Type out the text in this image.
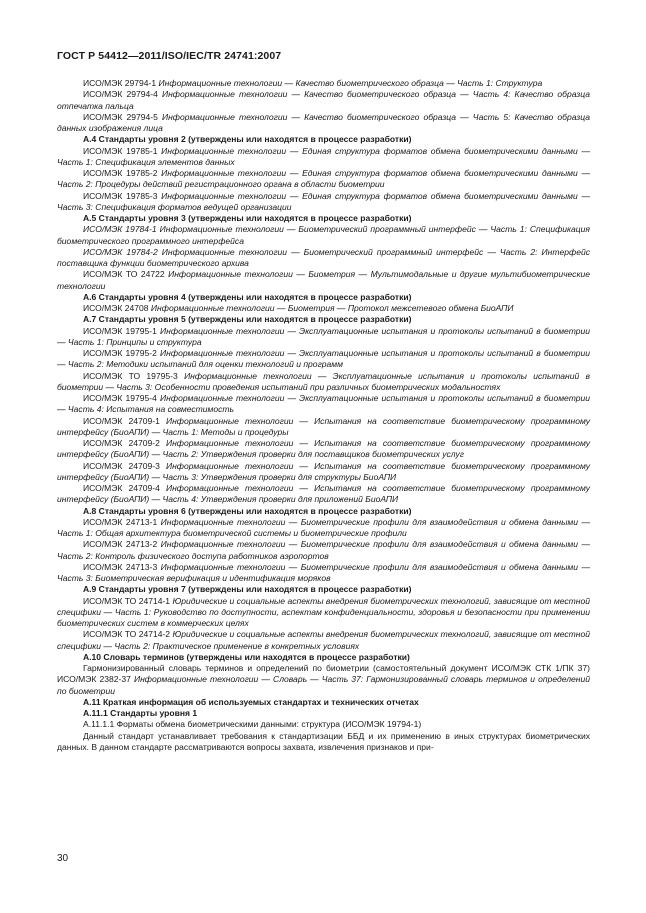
ГОСТ Р 54412—2011/ISO/IEC/TR 24741:2007

ИСО/МЭК 29794-1 Информационные технологии — Качество биометрического образца — Часть 1: Структура

ИСО/МЭК 29794-4 Информационные технологии — Качество биометрического образца — Часть 4: Качество образца отпечатка пальца

ИСО/МЭК 29794-5 Информационные технологии — Качество биометрического образца — Часть 5: Качество образца данных изображения лица

А.4 Стандарты уровня 2 (утверждены или находятся в процессе разработки)

ИСО/МЭК 19785-1 Информационные технологии — Единая структура форматов обмена биометрическими данными — Часть 1: Спецификация элементов данных

ИСО/МЭК 19785-2 Информационные технологии — Единая структура форматов обмена биометрическими данными — Часть 2: Процедуры действий регистрационного органа в области биометрии

ИСО/МЭК 19785-3 Информационные технологии — Единая структура форматов обмена биометрическими данными — Часть 3: Спецификация форматов ведущей организации

А.5 Стандарты уровня 3 (утверждены или находятся в процессе разработки)

ИСО/МЭК 19784-1 Информационные технологии — Биометрический программный интерфейс — Часть 1: Спецификация биометрического программного интерфейса

ИСО/МЭК 19784-2 Информационные технологии — Биометрический программный интерфейс — Часть 2: Интерфейс поставщика функции биометрического архива

ИСО/МЭК ТО 24722 Информационные технологии — Биометрия — Мультимодальные и другие мультибиометрические технологии

А.6 Стандарты уровня 4 (утверждены или находятся в процессе разработки)

ИСО/МЭК 24708 Информационные технологии — Биометрия — Протокол межсетевого обмена БиоАПИ

А.7 Стандарты уровня 5 (утверждены или находятся в процессе разработки)

ИСО/МЭК 19795-1 Информационные технологии — Эксплуатационные испытания и протоколы испытаний в биометрии — Часть 1: Принципы и структура

ИСО/МЭК 19795-2 Информационные технологии — Эксплуатационные испытания и протоколы испытаний в биометрии — Часть 2: Методики испытаний для оценки технологий и программ

ИСО/МЭК ТО 19795-3 Информационные технологии — Эксплуатационные испытания и протоколы испытаний в биометрии — Часть 3: Особенности проведения испытаний при различных биометрических модальностях

ИСО/МЭК 19795-4 Информационные технологии — Эксплуатационные испытания и протоколы испытаний в биометрии — Часть 4: Испытания на совместимость

ИСО/МЭК 24709-1 Информационные технологии — Испытания на соответствие биометрическому программному интерфейсу (БиоАПИ) — Часть 1: Методы и процедуры

ИСО/МЭК 24709-2 Информационные технологии — Испытания на соответствие биометрическому программному интерфейсу (БиоАПИ) — Часть 2: Утверждения проверки для поставщиков биометрических услуг

ИСО/МЭК 24709-3 Информационные технологии — Испытания на соответствие биометрическому программному интерфейсу (БиоАПИ) — Часть 3: Утверждения проверки для структуры БиоАПИ

ИСО/МЭК 24709-4 Информационные технологии — Испытания на соответствие биометрическому программному интерфейсу (БиоАПИ) — Часть 4: Утверждения проверки для приложений БиоАПИ

А.8 Стандарты уровня 6 (утверждены или находятся в процессе разработки)

ИСО/МЭК 24713-1 Информационные технологии — Биометрические профили для взаимодействия и обмена данными — Часть 1: Общая архитектура биометрической системы и биометрические профили

ИСО/МЭК 24713-2 Информационные технологии — Биометрические профили для взаимодействия и обмена данными — Часть 2: Контроль физического доступа работников аэропортов

ИСО/МЭК 24713-3 Информационные технологии — Биометрические профили для взаимодействия и обмена данными — Часть 3: Биометрическая верификация и идентификация моряков

А.9 Стандарты уровня 7 (утверждены или находятся в процессе разработки)

ИСО/МЭК ТО 24714-1 Юридические и социальные аспекты внедрения биометрических технологий, зависящие от местной специфики — Часть 1: Руководство по доступности, аспектам конфиденциальности, здоровья и безопасности при применении биометрических систем в коммерческих целях

ИСО/МЭК ТО 24714-2 Юридические и социальные аспекты внедрения биометрических технологий, зависящие от местной специфики — Часть 2: Практическое применение в конкретных условиях

А.10 Словарь терминов (утверждены или находятся в процессе разработки)

Гармонизированный словарь терминов и определений по биометрии (самостоятельный документ ИСО/МЭК СТК 1/ПК 37) ИСО/МЭК 2382-37 Информационные технологии — Словарь — Часть 37: Гармонизированный словарь терминов и определений по биометрии

А.11 Краткая информация об используемых стандартах и технических отчетах

А.11.1 Стандарты уровня 1

А.11.1.1 Форматы обмена биометрическими данными: структура (ИСО/МЭК 19794-1)

Данный стандарт устанавливает требования к стандартизации ББД и их применению в иных структурах биометрических данных. В данном стандарте рассматриваются вопросы захвата, извлечения признаков и при-

30
